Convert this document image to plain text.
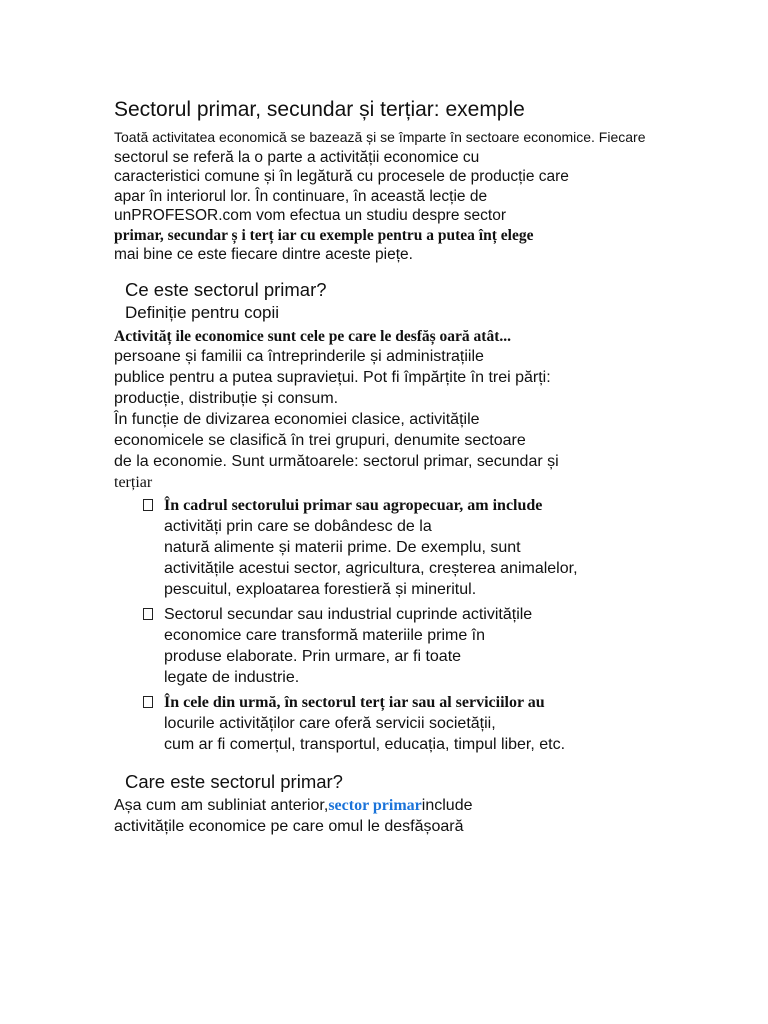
Sectorul primar, secundar și terțiar: exemple

Toată activitatea economică se bazează și se împarte în sectoare economice. Fiecare

sectorul se referă la o parte a activității economice cu

caracteristici comune și în legătură cu procesele de producție care

apar în interiorul lor. În continuare, în această lecție de

unPROFESOR.com vom efectua un studiu despre sector

primar, secundar ș i terț iar cu exemple pentru a putea înț elege

mai bine ce este fiecare dintre aceste piețe.

Ce este sectorul primar?
Definiție pentru copii

Activităț ile economice sunt cele pe care le desfăș oară atât...

persoane și familii ca întreprinderile și administrațiile

publice pentru a putea supraviețui. Pot fi împărțite în trei părți:

producție, distribuție și consum.

În funcție de divizarea economiei clasice, activitățile

economicele se clasifică în trei grupuri, denumite sectoare

de la economie. Sunt următoarele: sectorul primar, secundar și

terțiar

În cadrul sectorului primar sau agropecuar, am include
activități prin care se dobândesc de la
natură alimente și materii prime. De exemplu, sunt
activitățile acestui sector, agricultura, creșterea animalelor,
pescuitul, exploatarea forestieră și mineritul.
Sectorul secundar sau industrial cuprinde activitățile
economice care transformă materiile prime în
produse elaborate. Prin urmare, ar fi toate
legate de industrie.
În cele din urmă, în sectorul terț iar sau al serviciilor au
locurile activităților care oferă servicii societății,
cum ar fi comerțul, transportul, educația, timpul liber, etc.
Care este sectorul primar?

Așa cum am subliniat anterior,sector primarinclude

activitățile economice pe care omul le desfășoară
